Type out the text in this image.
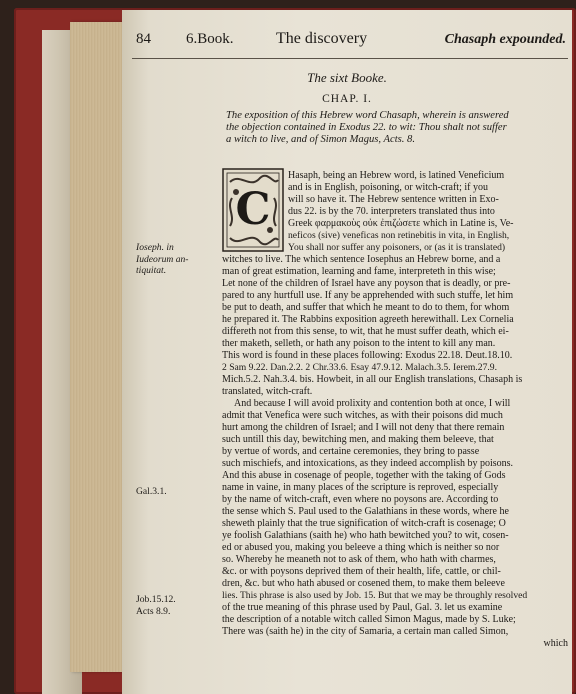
84	6.Book.	The discovery	Chasaph expounded.
The sixt Booke.
CHAP. I.
The exposition of this Hebrew word Chasaph, wherein is answered
the objection contained in Exodus 22. to wit: Thou shalt not suffer
a witch to live, and of Simon Magus, Acts. 8.
C
Hasaph, being an Hebrew word, is latined Veneficium
and is in English, poisoning, or witch-craft; if you
will so have it. The Hebrew sentence written in Exo-
dus 22. is by the 70. interpreters translated thus into
Greek φαρμακοὺς οὐκ ἐπιζώσετε which in Latine is, Ve-
neficos (sive) veneficas non retinebitis in vita, in English,
You shall nor suffer any poisoners, or (as it is translated)
witches to live. The which sentence Iosephus an Hebrew borne, and a
man of great estimation, learning and fame, interpreteth in this wise;
Let none of the children of Israel have any poyson that is deadly, or pre-
pared to any hurtfull use. If any be apprehended with such stuffe, let him
be put to death, and suffer that which he meant to do to them, for whom
he prepared it. The Rabbins exposition agreeth herewithall. Lex Cornelia
differeth not from this sense, to wit, that he must suffer death, which ei-
ther maketh, selleth, or hath any poison to the intent to kill any man.
This word is found in these places following: Exodus 22.18. Deut.18.10.
2 Sam 9.22. Dan.2.2. 2 Chr.33.6. Esay 47.9.12. Malach.3.5. Ierem.27.9.
Mich.5.2. Nah.3.4. bis. Howbeit, in all our English translations, Chasaph is
translated, witch-craft.
And because I will avoid prolixity and contention both at once, I will
admit that Venefica were such witches, as with their poisons did much
hurt among the children of Israel; and I will not deny that there remain
such untill this day, bewitching men, and making them beleeve, that
by vertue of words, and certaine ceremonies, they bring to passe
such mischiefs, and intoxications, as they indeed accomplish by poisons.
And this abuse in cosenage of people, together with the taking of Gods
name in vaine, in many places of the scripture is reproved, especially
by the name of witch-craft, even where no poysons are. According to
the sense which S. Paul used to the Galathians in these words, where he
sheweth plainly that the true signification of witch-craft is cosenage; O
ye foolish Galathians (saith he) who hath bewitched you? to wit, cosen-
ed or abused you, making you beleeve a thing which is neither so nor
so. Whereby he meaneth not to ask of them, who hath with charmes,
&c. or with poysons deprived them of their health, life, cattle, or chil-
dren, &c. but who hath abused or cosened them, to make them beleeve
lies. This phrase is also used by Job. 15. But that we may be throughly resolved
of the true meaning of this phrase used by Paul, Gal. 3. let us examine
the description of a notable witch called Simon Magus, made by S. Luke;
There was (saith he) in the city of Samaria, a certain man called Simon,
which
Ioseph. in
Iudeorum an-
tiquitat.
Gal.3.1.
Job.15.12.
Acts 8.9.
